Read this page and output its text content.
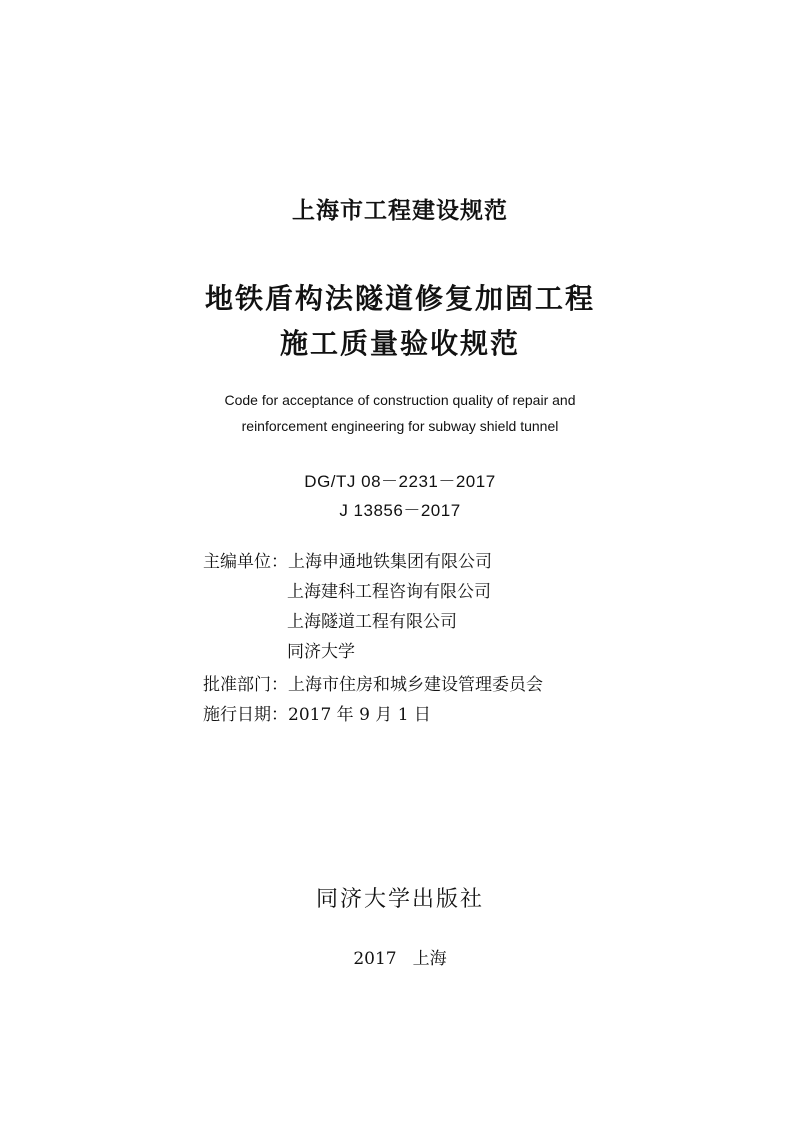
上海市工程建设规范
地铁盾构法隧道修复加固工程
施工质量验收规范
Code for acceptance of construction quality of repair and
reinforcement engineering for subway shield tunnel
DG/TJ 08－2231－2017
J 13856－2017
主编单位：上海申通地铁集团有限公司
上海建科工程咨询有限公司
上海隧道工程有限公司
同济大学
批准部门：上海市住房和城乡建设管理委员会
施行日期：2017 年 9 月 1 日
同济大学出版社
2017 上海
